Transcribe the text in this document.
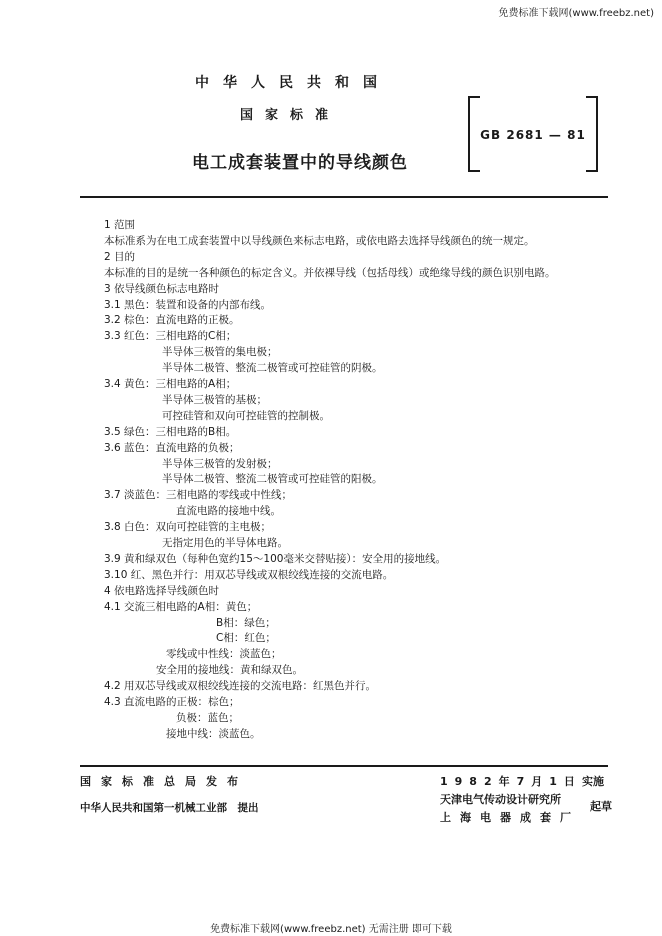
免费标准下载网(www.freebz.net)
中华人民共和国
国家标准
电工成套装置中的导线颜色
GB 2681 — 81
1 范围
本标准系为在电工成套装置中以导线颜色来标志电路，或依电路去选择导线颜色的统一规定。
2 目的
本标准的目的是统一各种颜色的标定含义。并依裸导线（包括母线）或绝缘导线的颜色识别电路。
3 依导线颜色标志电路时
3.1 黑色：装置和设备的内部布线。
3.2 棕色：直流电路的正极。
3.3 红色：三相电路的C相；
半导体三极管的集电极；
半导体二极管、整流二极管或可控硅管的阴极。
3.4 黄色：三相电路的A相；
半导体三极管的基极；
可控硅管和双向可控硅管的控制极。
3.5 绿色：三相电路的B相。
3.6 蓝色：直流电路的负极；
半导体三极管的发射极；
半导体二极管、整流二极管或可控硅管的阳极。
3.7 淡蓝色：三相电路的零线或中性线；
直流电路的接地中线。
3.8 白色：双向可控硅管的主电极；
无指定用色的半导体电路。
3.9 黄和绿双色（每种色宽约15～100毫米交替贴接）：安全用的接地线。
3.10 红、黑色并行：用双芯导线或双根绞线连接的交流电路。
4 依电路选择导线颜色时
4.1 交流三相电路的A相：黄色；
B相：绿色；
C相：红色；
零线或中性线：淡蓝色；
安全用的接地线：黄和绿双色。
4.2 用双芯导线或双根绞线连接的交流电路：红黑色并行。
4.3 直流电路的正极：棕色；
负极：蓝色；
接地中线：淡蓝色。
国家标准总局发布	1982年7月1日 实施
中华人民共和国第一机械工业部　提出
天津电气传动设计研究所
起草
上海电器成套厂
免费标准下载网(www.freebz.net) 无需注册 即可下载
